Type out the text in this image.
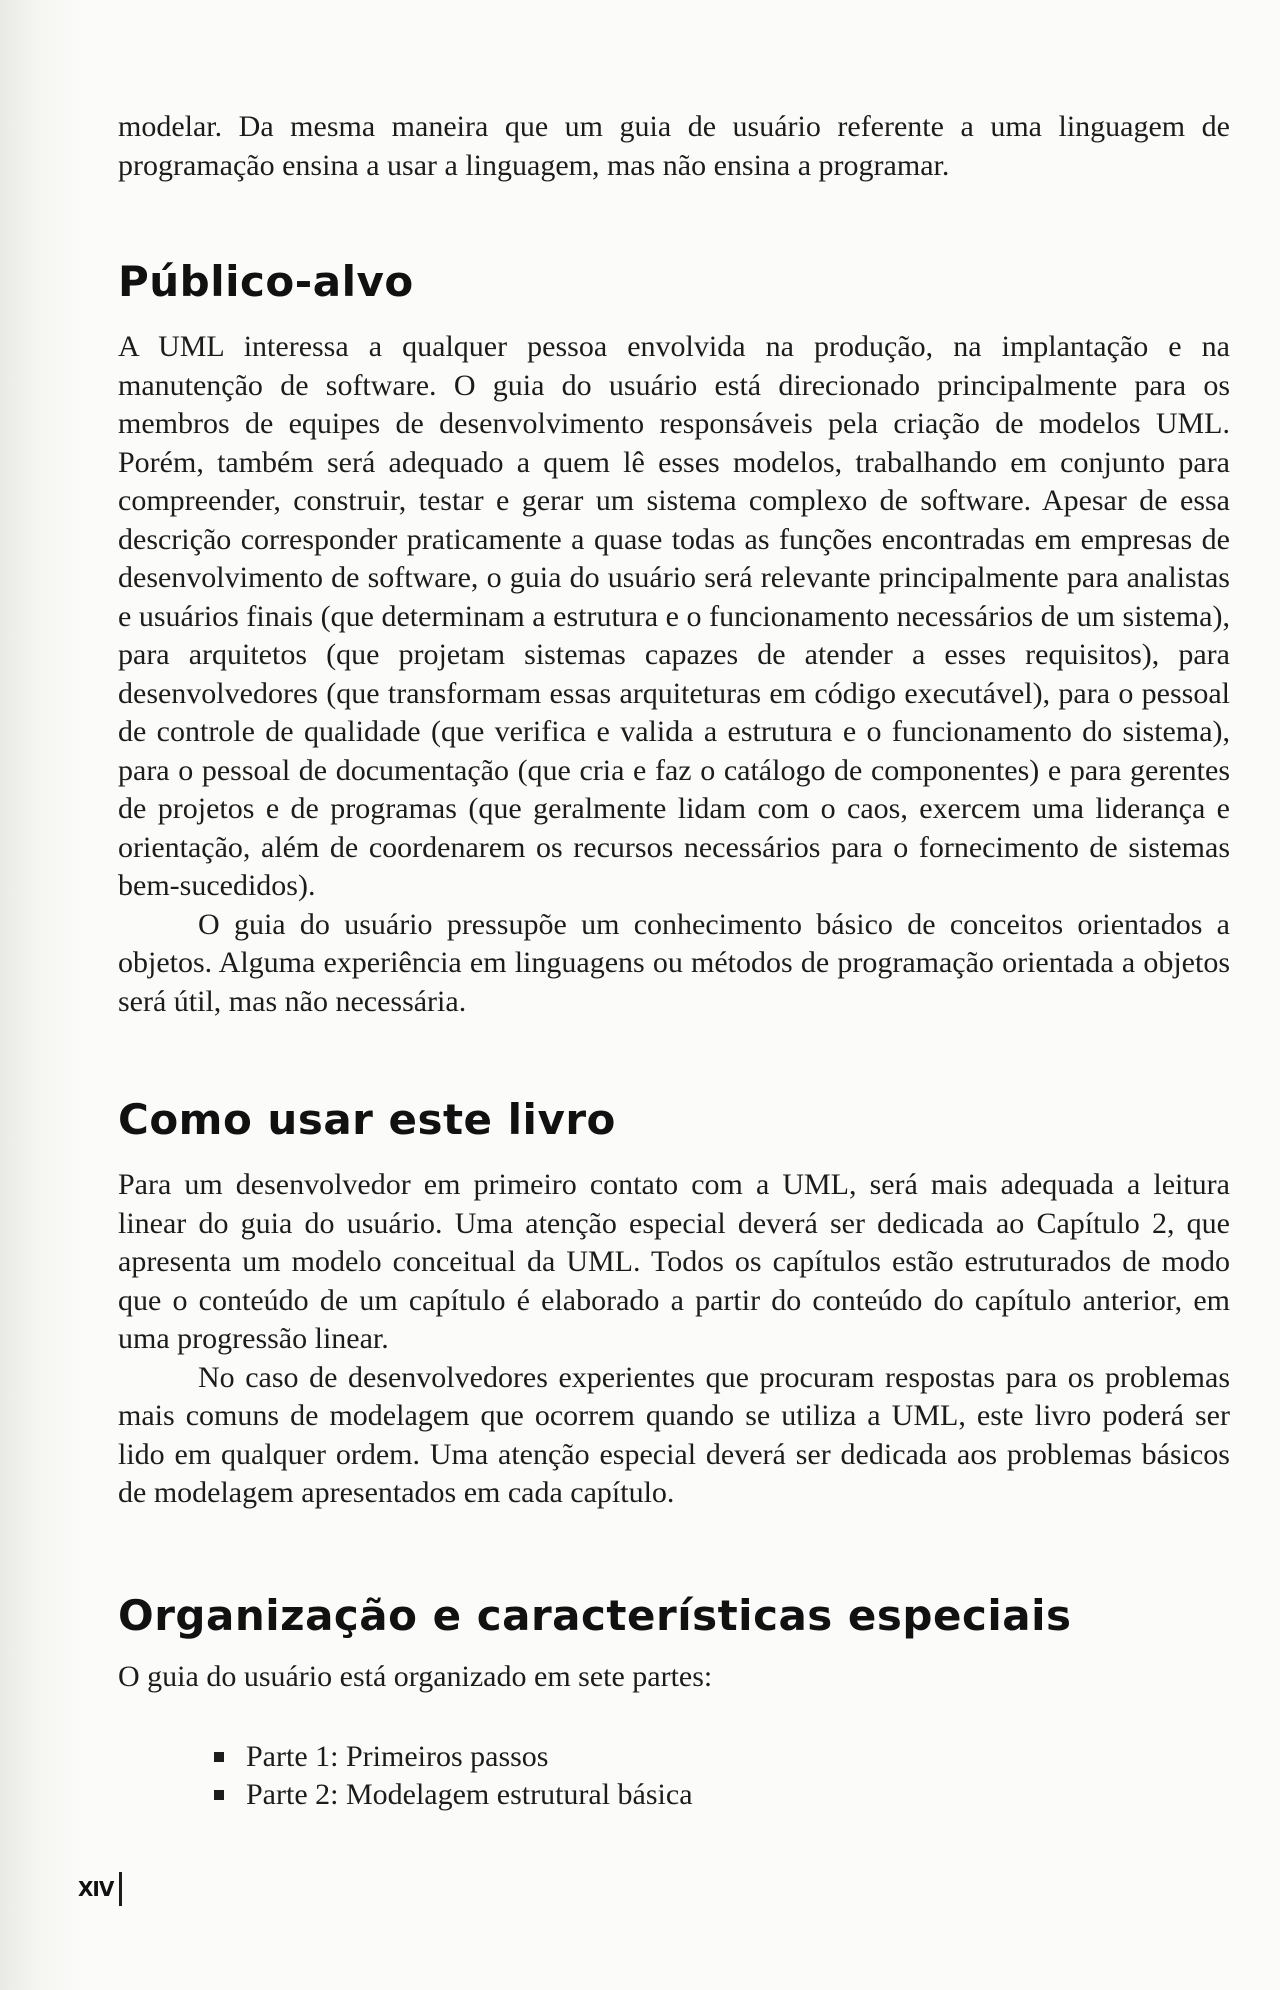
modelar. Da mesma maneira que um guia de usuário referente a uma linguagem de programação ensina a usar a linguagem, mas não ensina a programar.

Público-alvo

A UML interessa a qualquer pessoa envolvida na produção, na implantação e na manutenção de software. O guia do usuário está direcionado principalmente para os membros de equipes de desenvolvimento responsáveis pela criação de modelos UML. Porém, também será adequado a quem lê esses modelos, trabalhando em conjunto para compreender, construir, testar e gerar um sistema complexo de software. Apesar de essa descrição corresponder praticamente a quase todas as funções encontradas em empresas de desenvolvimento de software, o guia do usuário será relevante principalmente para analistas e usuários finais (que determinam a estrutura e o funcionamento necessários de um sistema), para arquitetos (que projetam sistemas capazes de atender a esses requisitos), para desenvolvedores (que transformam essas arquiteturas em código executável), para o pessoal de controle de qualidade (que verifica e valida a estrutura e o funcionamento do sistema), para o pessoal de documentação (que cria e faz o catálogo de componentes) e para gerentes de projetos e de programas (que geralmente lidam com o caos, exercem uma liderança e orientação, além de coordenarem os recursos necessários para o fornecimento de sistemas bem-sucedidos).

O guia do usuário pressupõe um conhecimento básico de conceitos orientados a objetos. Alguma experiência em linguagens ou métodos de programação orientada a objetos será útil, mas não necessária.

Como usar este livro

Para um desenvolvedor em primeiro contato com a UML, será mais adequada a leitura linear do guia do usuário. Uma atenção especial deverá ser dedicada ao Capítulo 2, que apresenta um modelo conceitual da UML. Todos os capítulos estão estruturados de modo que o conteúdo de um capítulo é elaborado a partir do conteúdo do capítulo anterior, em uma progressão linear.

No caso de desenvolvedores experientes que procuram respostas para os problemas mais comuns de modelagem que ocorrem quando se utiliza a UML, este livro poderá ser lido em qualquer ordem. Uma atenção especial deverá ser dedicada aos problemas básicos de modelagem apresentados em cada capítulo.

Organização e características especiais

O guia do usuário está organizado em sete partes:

Parte 1: Primeiros passos
Parte 2: Modelagem estrutural básica
XIV
